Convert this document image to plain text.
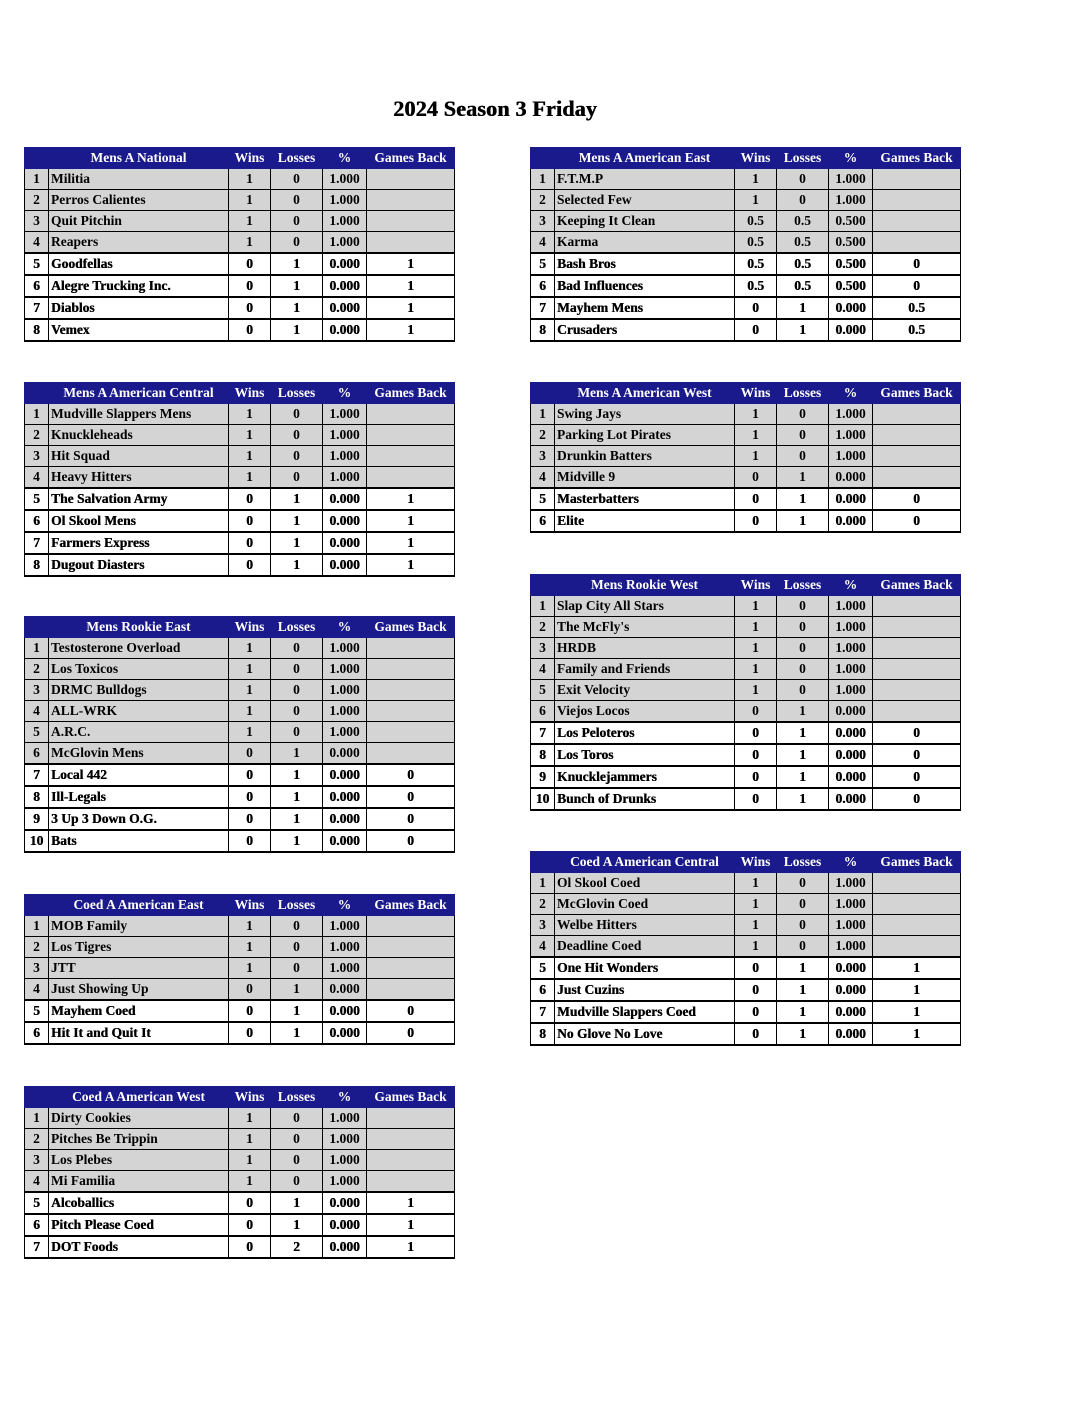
2024 Season 3 Friday
	Mens A National	Wins	Losses	%	Games Back
1	Militia	1	0	1.000	
2	Perros Calientes	1	0	1.000	
3	Quit Pitchin	1	0	1.000	
4	Reapers	1	0	1.000	
5	Goodfellas	0	1	0.000	1
6	Alegre Trucking Inc.	0	1	0.000	1
7	Diablos	0	1	0.000	1
8	Vemex	0	1	0.000	1
	Mens A American East	Wins	Losses	%	Games Back
1	F.T.M.P	1	0	1.000	
2	Selected Few	1	0	1.000	
3	Keeping It Clean	0.5	0.5	0.500	
4	Karma	0.5	0.5	0.500	
5	Bash Bros	0.5	0.5	0.500	0
6	Bad Influences	0.5	0.5	0.500	0
7	Mayhem Mens	0	1	0.000	0.5
8	Crusaders	0	1	0.000	0.5
	Mens A American Central	Wins	Losses	%	Games Back
1	Mudville Slappers Mens	1	0	1.000	
2	Knuckleheads	1	0	1.000	
3	Hit Squad	1	0	1.000	
4	Heavy Hitters	1	0	1.000	
5	The Salvation Army	0	1	0.000	1
6	Ol Skool Mens	0	1	0.000	1
7	Farmers Express	0	1	0.000	1
8	Dugout Diasters	0	1	0.000	1
	Mens A American West	Wins	Losses	%	Games Back
1	Swing Jays	1	0	1.000	
2	Parking Lot Pirates	1	0	1.000	
3	Drunkin Batters	1	0	1.000	
4	Midville 9	0	1	0.000	
5	Masterbatters	0	1	0.000	0
6	Elite	0	1	0.000	0
	Mens Rookie East	Wins	Losses	%	Games Back
1	Testosterone Overload	1	0	1.000	
2	Los Toxicos	1	0	1.000	
3	DRMC Bulldogs	1	0	1.000	
4	ALL-WRK	1	0	1.000	
5	A.R.C.	1	0	1.000	
6	McGlovin Mens	0	1	0.000	
7	Local 442	0	1	0.000	0
8	Ill-Legals	0	1	0.000	0
9	3 Up 3 Down O.G.	0	1	0.000	0
10	Bats	0	1	0.000	0
	Mens Rookie West	Wins	Losses	%	Games Back
1	Slap City All Stars	1	0	1.000	
2	The McFly's	1	0	1.000	
3	HRDB	1	0	1.000	
4	Family and Friends	1	0	1.000	
5	Exit Velocity	1	0	1.000	
6	Viejos Locos	0	1	0.000	
7	Los Peloteros	0	1	0.000	0
8	Los Toros	0	1	0.000	0
9	Knucklejammers	0	1	0.000	0
10	Bunch of Drunks	0	1	0.000	0
	Coed A American East	Wins	Losses	%	Games Back
1	MOB Family	1	0	1.000	
2	Los Tigres	1	0	1.000	
3	JTT	1	0	1.000	
4	Just Showing Up	0	1	0.000	
5	Mayhem Coed	0	1	0.000	0
6	Hit It and Quit It	0	1	0.000	0
	Coed A American Central	Wins	Losses	%	Games Back
1	Ol Skool Coed	1	0	1.000	
2	McGlovin Coed	1	0	1.000	
3	Welbe Hitters	1	0	1.000	
4	Deadline Coed	1	0	1.000	
5	One Hit Wonders	0	1	0.000	1
6	Just Cuzins	0	1	0.000	1
7	Mudville Slappers Coed	0	1	0.000	1
8	No Glove No Love	0	1	0.000	1
	Coed A American West	Wins	Losses	%	Games Back
1	Dirty Cookies	1	0	1.000	
2	Pitches Be Trippin	1	0	1.000	
3	Los Plebes	1	0	1.000	
4	Mi Familia	1	0	1.000	
5	Alcoballics	0	1	0.000	1
6	Pitch Please Coed	0	1	0.000	1
7	DOT Foods	0	2	0.000	1
